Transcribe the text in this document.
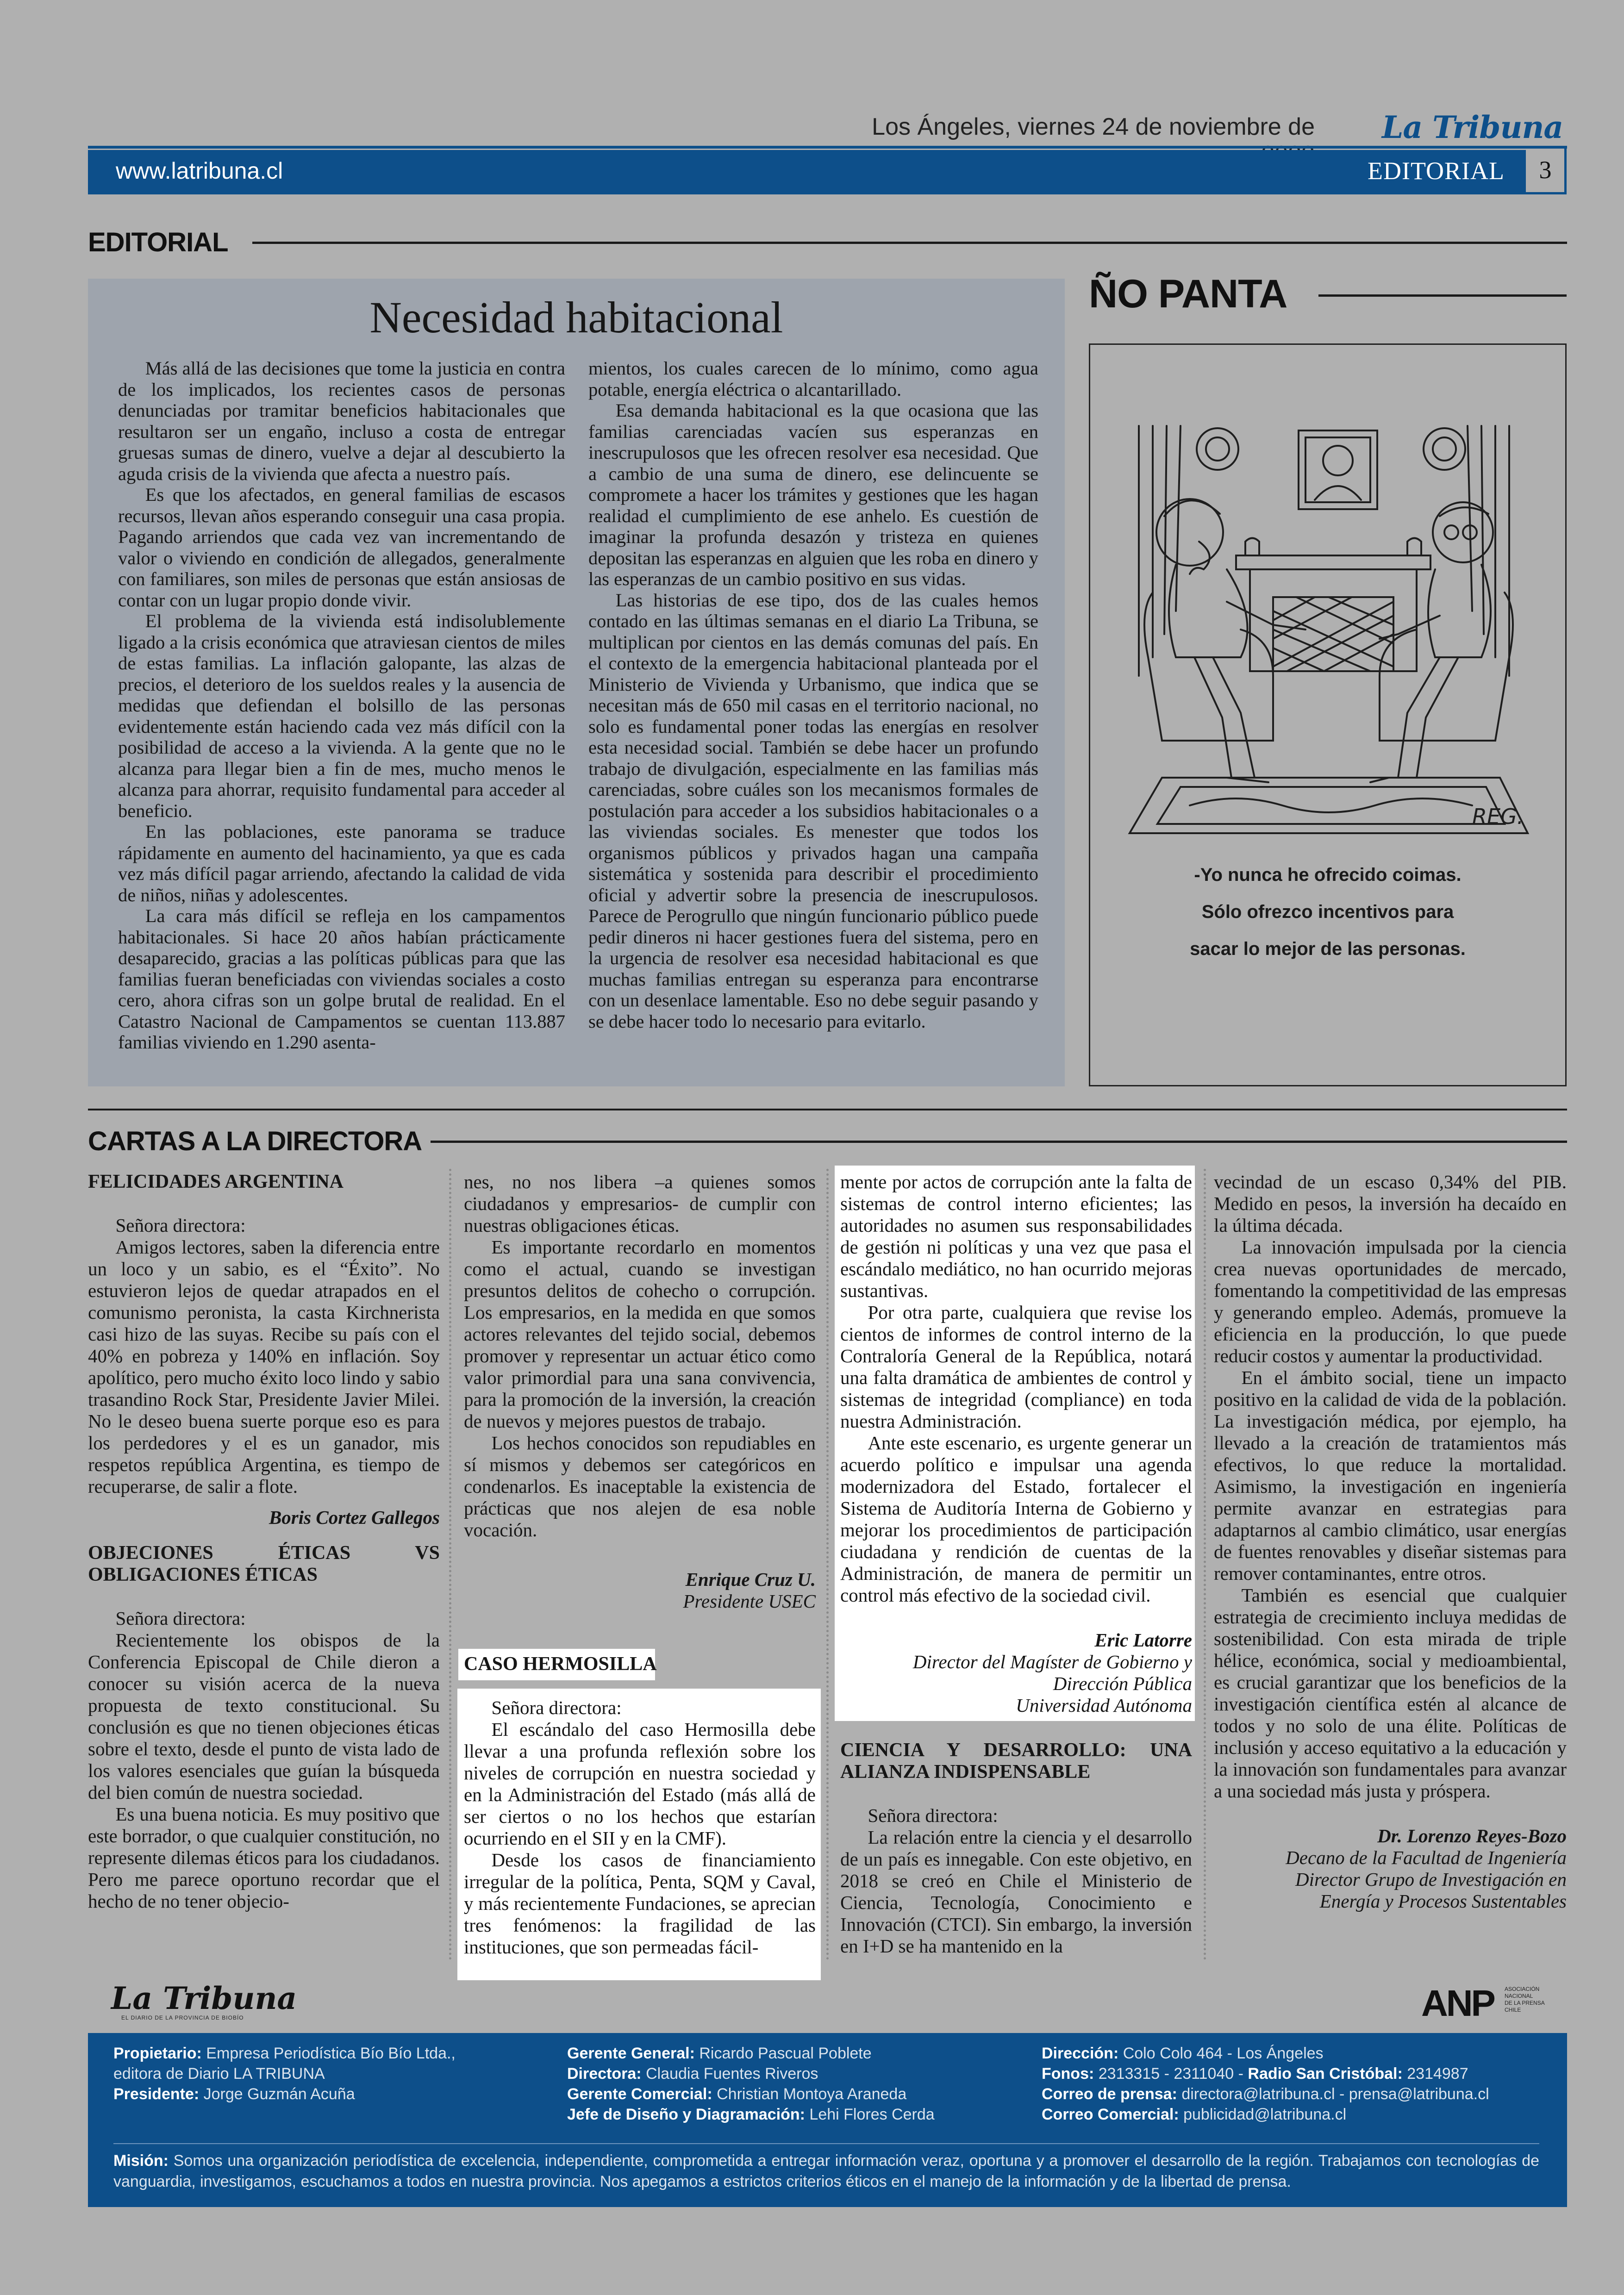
Los Ángeles, viernes 24 de noviembre de La Tribuna
www.latribuna.cl	EDITORIAL	3
EDITORIAL
Necesidad habitacional

Más allá de las decisiones que tome la justicia en contra de los implicados, los recientes casos de personas denunciadas por tramitar beneficios habitacionales que resultaron ser un engaño, incluso a costa de entregar gruesas sumas de dinero, vuelve a dejar al descubierto la aguda crisis de la vivienda que afecta a nuestro país.

Es que los afectados, en general familias de escasos recursos, llevan años esperando conseguir una casa propia. Pagando arriendos que cada vez van incrementando de valor o viviendo en condición de allegados, generalmente con familiares, son miles de personas que están ansiosas de contar con un lugar propio donde vivir.

El problema de la vivienda está indisolublemente ligado a la crisis económica que atraviesan cientos de miles de estas familias. La inflación galopante, las alzas de precios, el deterioro de los sueldos reales y la ausencia de medidas que defiendan el bolsillo de las personas evidentemente están haciendo cada vez más difícil con la posibilidad de acceso a la vivienda. A la gente que no le alcanza para llegar bien a fin de mes, mucho menos le alcanza para ahorrar, requisito fundamental para acceder al beneficio.

En las poblaciones, este panorama se traduce rápidamente en aumento del hacinamiento, ya que es cada vez más difícil pagar arriendo, afectando la calidad de vida de niños, niñas y adolescentes.

La cara más difícil se refleja en los campamentos habitacionales. Si hace 20 años habían prácticamente desaparecido, gracias a las políticas públicas para que las familias fueran beneficiadas con viviendas sociales a costo cero, ahora cifras son un golpe brutal de realidad. En el Catastro Nacional de Campamentos se cuentan 113.887 familias viviendo en 1.290 asenta-

mientos, los cuales carecen de lo mínimo, como agua potable, energía eléctrica o alcantarillado.

Esa demanda habitacional es la que ocasiona que las familias carenciadas vacíen sus esperanzas en inescrupulosos que les ofrecen resolver esa necesidad. Que a cambio de una suma de dinero, ese delincuente se compromete a hacer los trámites y gestiones que les hagan realidad el cumplimiento de ese anhelo. Es cuestión de imaginar la profunda desazón y tristeza en quienes depositan las esperanzas en alguien que les roba en dinero y las esperanzas de un cambio positivo en sus vidas.

Las historias de ese tipo, dos de las cuales hemos contado en las últimas semanas en el diario La Tribuna, se multiplican por cientos en las demás comunas del país. En el contexto de la emergencia habitacional planteada por el Ministerio de Vivienda y Urbanismo, que indica que se necesitan más de 650 mil casas en el territorio nacional, no solo es fundamental poner todas las energías en resolver esta necesidad social. También se debe hacer un profundo trabajo de divulgación, especialmente en las familias más carenciadas, sobre cuáles son los mecanismos formales de postulación para acceder a los subsidios habitacionales o a las viviendas sociales. Es menester que todos los organismos públicos y privados hagan una campaña sistemática y sostenida para describir el procedimiento oficial y advertir sobre la presencia de inescrupulosos. Parece de Perogrullo que ningún funcionario público puede pedir dineros ni hacer gestiones fuera del sistema, pero en la urgencia de resolver esa necesidad habitacional es que muchas familias entregan su esperanza para encontrarse con un desenlace lamentable. Eso no debe seguir pasando y se debe hacer todo lo necesario para evitarlo.

ÑO PANTA
REG.
-Yo nunca he ofrecido coimas.
Sólo ofrezco incentivos para
sacar lo mejor de las personas.
CARTAS A LA DIRECTORA
FELICIDADES ARGENTINA

Señora directora:

Amigos lectores, saben la diferencia entre un loco y un sabio, es el “Éxito”. No estuvieron lejos de quedar atrapados en el comunismo peronista, la casta Kirchnerista casi hizo de las suyas. Recibe su país con el 40% en pobreza y 140% en inflación. Soy apolítico, pero mucho éxito loco lindo y sabio trasandino Rock Star, Presidente Javier Milei. No le deseo buena suerte porque eso es para los perdedores y el es un ganador, mis respetos república Argentina, es tiempo de recuperarse, de salir a flote.

Boris Cortez Gallegos
OBJECIONES ÉTICAS VS OBLIGACIONES ÉTICAS

Señora directora:

Recientemente los obispos de la Conferencia Episcopal de Chile dieron a conocer su visión acerca de la nueva propuesta de texto constitucional. Su conclusión es que no tienen objeciones éticas sobre el texto, desde el punto de vista lado de los valores esenciales que guían la búsqueda del bien común de nuestra sociedad.

Es una buena noticia. Es muy positivo que este borrador, o que cualquier constitución, no represente dilemas éticos para los ciudadanos. Pero me parece oportuno recordar que el hecho de no tener objecio-

nes, no nos libera –a quienes somos ciudadanos y empresarios- de cumplir con nuestras obligaciones éticas.

Es importante recordarlo en momentos como el actual, cuando se investigan presuntos delitos de cohecho o corrupción. Los empresarios, en la medida en que somos actores relevantes del tejido social, debemos promover y representar un actuar ético como valor primordial para una sana convivencia, para la promoción de la inversión, la creación de nuevos y mejores puestos de trabajo.

Los hechos conocidos son repudiables en sí mismos y debemos ser categóricos en condenarlos. Es inaceptable la existencia de prácticas que nos alejen de esa noble vocación.

Enrique Cruz U.
Presidente USEC
CASO HERMOSILLA

Señora directora:

El escándalo del caso Hermosilla debe llevar a una profunda reflexión sobre los niveles de corrupción en nuestra sociedad y en la Administración del Estado (más allá de ser ciertos o no los hechos que estarían ocurriendo en el SII y en la CMF).

Desde los casos de financiamiento irregular de la política, Penta, SQM y Caval, y más recientemente Fundaciones, se aprecian tres fenómenos: la fragilidad de las instituciones, que son permeadas fácil-

mente por actos de corrupción ante la falta de sistemas de control interno eficientes; las autoridades no asumen sus responsabilidades de gestión ni políticas y una vez que pasa el escándalo mediático, no han ocurrido mejoras sustantivas.

Por otra parte, cualquiera que revise los cientos de informes de control interno de la Contraloría General de la República, notará una falta dramática de ambientes de control y sistemas de integridad (compliance) en toda nuestra Administración.

Ante este escenario, es urgente generar un acuerdo político e impulsar una agenda modernizadora del Estado, fortalecer el Sistema de Auditoría Interna de Gobierno y mejorar los procedimientos de participación ciudadana y rendición de cuentas de la Administración, de manera de permitir un control más efectivo de la sociedad civil.

Eric Latorre
Director del Magíster de Gobierno y
Dirección Pública
Universidad Autónoma
CIENCIA Y DESARROLLO: UNA ALIANZA INDISPENSABLE

Señora directora:

La relación entre la ciencia y el desarrollo de un país es innegable. Con este objetivo, en 2018 se creó en Chile el Ministerio de Ciencia, Tecnología, Conocimiento e Innovación (CTCI). Sin embargo, la inversión en I+D se ha mantenido en la

vecindad de un escaso 0,34% del PIB. Medido en pesos, la inversión ha decaído en la última década.

La innovación impulsada por la ciencia crea nuevas oportunidades de mercado, fomentando la competitividad de las empresas y generando empleo. Además, promueve la eficiencia en la producción, lo que puede reducir costos y aumentar la productividad.

En el ámbito social, tiene un impacto positivo en la calidad de vida de la población. La investigación médica, por ejemplo, ha llevado a la creación de tratamientos más efectivos, lo que reduce la mortalidad. Asimismo, la investigación en ingeniería permite avanzar en estrategias para adaptarnos al cambio climático, usar energías de fuentes renovables y diseñar sistemas para remover contaminantes, entre otros.

También es esencial que cualquier estrategia de crecimiento incluya medidas de sostenibilidad. Con esta mirada de triple hélice, económica, social y medioambiental, es crucial garantizar que los beneficios de la investigación científica estén al alcance de todos y no solo de una élite. Políticas de inclusión y acceso equitativo a la educación y la innovación son fundamentales para avanzar a una sociedad más justa y próspera.

Dr. Lorenzo Reyes-Bozo
Decano de la Facultad de Ingeniería
Director Grupo de Investigación en
Energía y Procesos Sustentables
La Tribuna
EL DIARIO DE LA PROVINCIA DE BIOBÍO	ANP ASOCIACIÓN
NACIONAL
DE LA PRENSA
CHILE
Propietario: Empresa Periodística Bío Bío Ltda.,
editora de Diario LA TRIBUNA
Presidente: Jorge Guzmán Acuña
Gerente General: Ricardo Pascual Poblete
Directora: Claudia Fuentes Riveros
Gerente Comercial: Christian Montoya Araneda
Jefe de Diseño y Diagramación: Lehi Flores Cerda
Dirección: Colo Colo 464 - Los Ángeles
Fonos: 2313315 - 2311040 - Radio San Cristóbal: 2314987
Correo de prensa: directora@latribuna.cl - prensa@latribuna.cl
Correo Comercial: publicidad@latribuna.cl
Misión: Somos una organización periodística de excelencia, independiente, comprometida a entregar información veraz, oportuna y a promover el desarrollo de la región. Trabajamos con tecnologías de vanguardia, investigamos, escuchamos a todos en nuestra provincia. Nos apegamos a estrictos criterios éticos en el manejo de la información y de la libertad de prensa.
